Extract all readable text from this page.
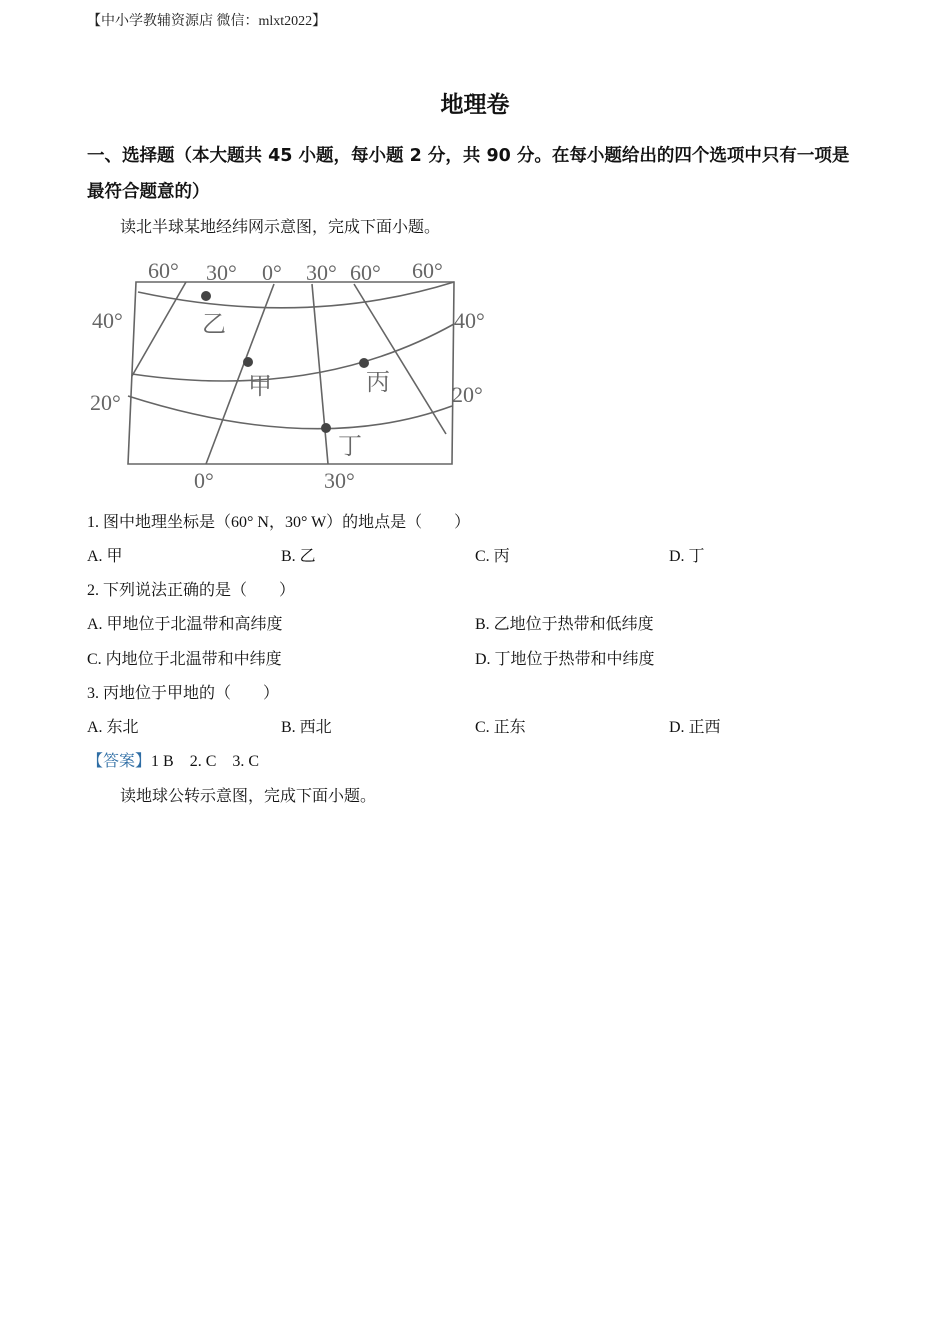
【中小学教辅资源店 微信：mlxt2022】
地理卷
一、选择题（本大题共 45 小题，每小题 2 分，共 90 分。在每小题给出的四个选项中只有一项是最符合题意的）
读北半球某地经纬网示意图，完成下面小题。
60° 30° 0° 30° 60° 60°
40°
20°
40°
20°
0°	30°
乙
甲	丙
丁
1. 图中地理坐标是（60° N，30° W）的地点是（　　）
A. 甲	B. 乙	C. 丙	D. 丁
2. 下列说法正确的是（　　）
A. 甲地位于北温带和高纬度	B. 乙地位于热带和低纬度
C. 内地位于北温带和中纬度	D. 丁地位于热带和中纬度
3. 丙地位于甲地的（　　）
A. 东北	B. 西北	C. 正东	D. 正西
【答案】1 B　2. C　3. C
读地球公转示意图，完成下面小题。
